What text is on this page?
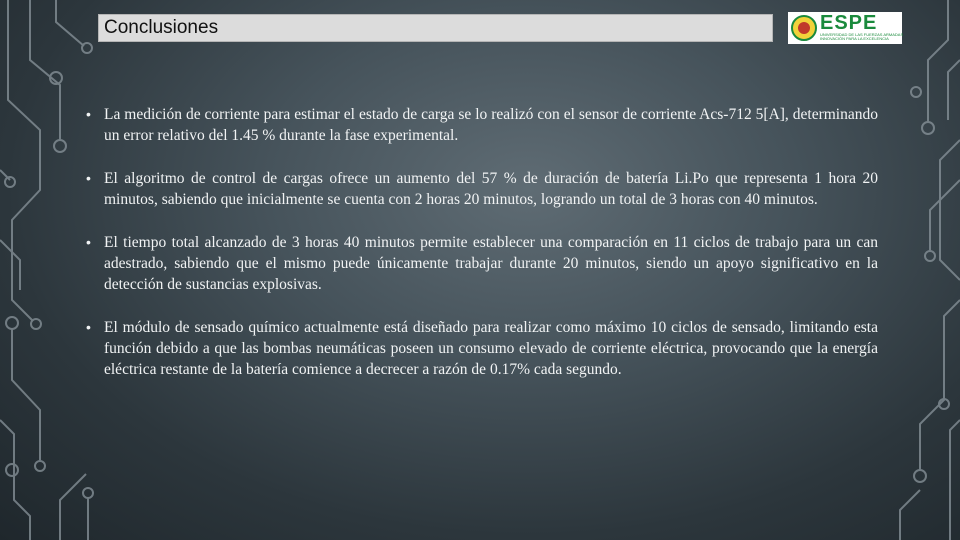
Conclusiones	ESPE
UNIVERSIDAD DE LAS FUERZAS ARMADAS
INNOVACIÓN PARA LA EXCELENCIA
• La medición de corriente para estimar el estado de carga se lo realizó con el sensor de corriente Acs-712 5[A], determinando un error relativo del 1.45 % durante la fase experimental.
• El algoritmo de control de cargas ofrece un aumento del 57 % de duración de batería Li.Po que representa 1 hora 20 minutos, sabiendo que inicialmente se cuenta con 2 horas 20 minutos, logrando un total de 3 horas con 40 minutos.
• El tiempo total alcanzado de 3 horas 40 minutos permite establecer una comparación en 11 ciclos de trabajo para un can adestrado, sabiendo que el mismo puede únicamente trabajar durante 20 minutos, siendo un apoyo significativo en la detección de sustancias explosivas.
• El módulo de sensado químico actualmente está diseñado para realizar como máximo 10 ciclos de sensado, limitando esta función debido a que las bombas neumáticas poseen un consumo elevado de corriente eléctrica, provocando que la energía eléctrica restante de la batería comience a decrecer a razón de 0.17% cada segundo.
